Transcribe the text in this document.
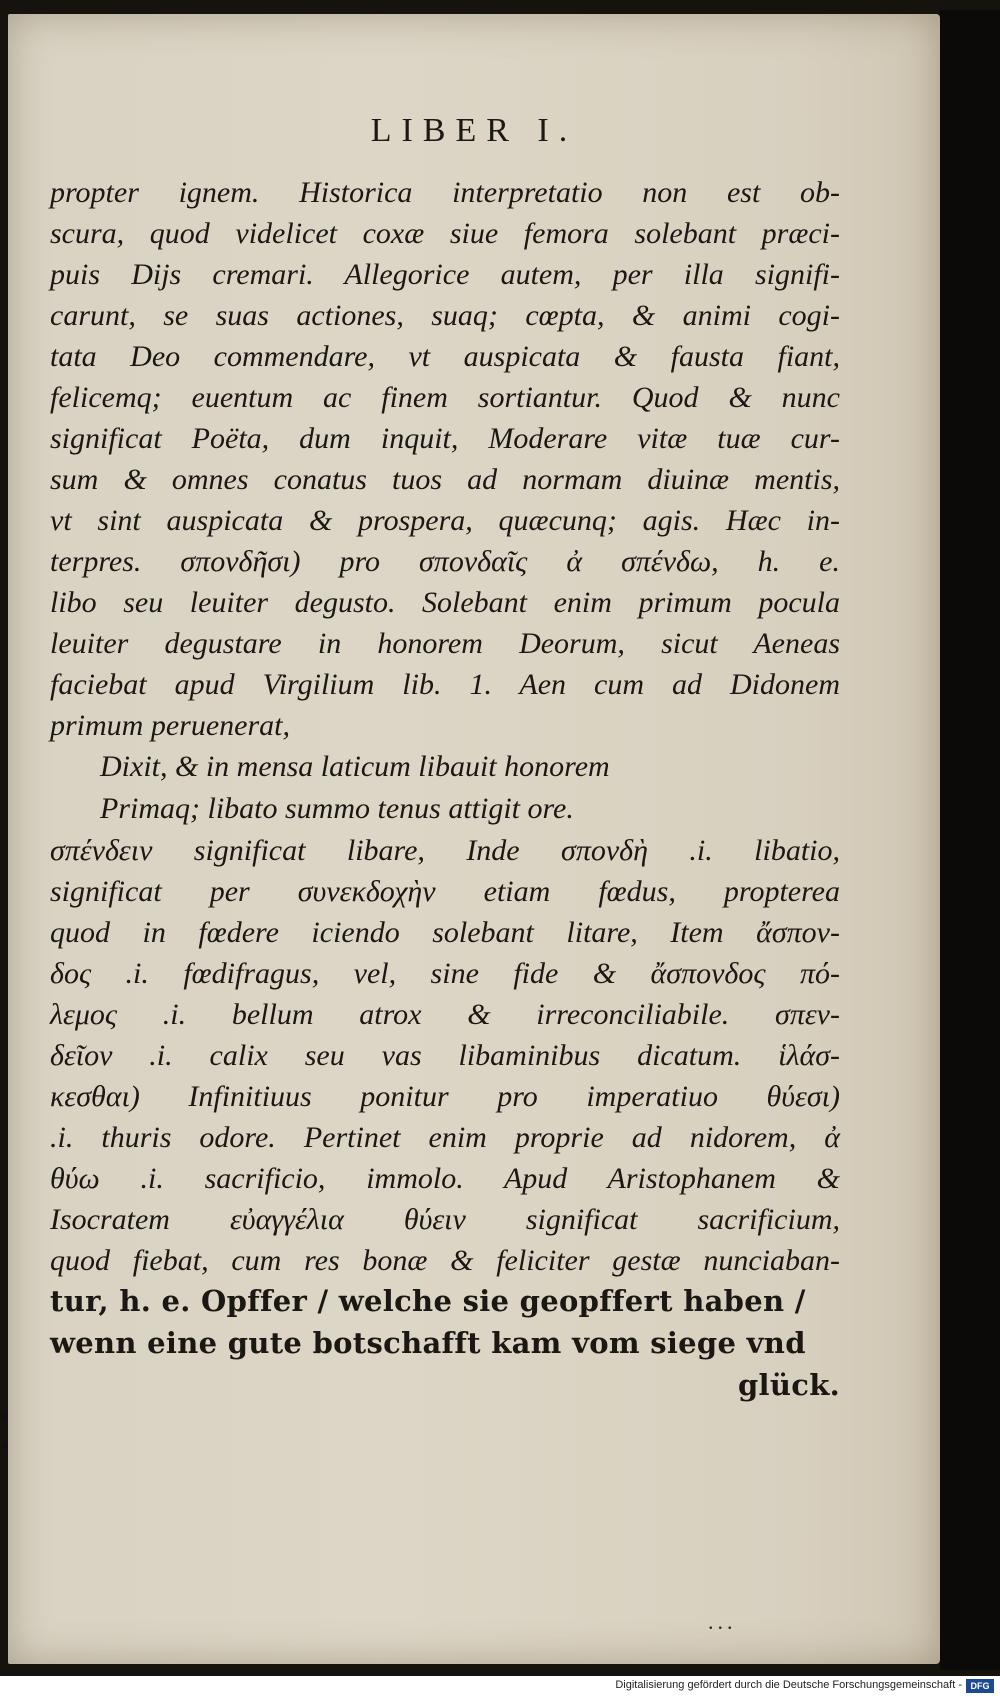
LIBER I.
propter ignem. Historica interpretatio non est ob-
scura, quod videlicet coxæ siue femora solebant præci-
puis Dijs cremari. Allegorice autem, per illa signifi-
carunt, se suas actiones, suaq; cœpta, & animi cogi-
tata Deo commendare, vt auspicata & fausta fiant,
felicemq; euentum ac finem sortiantur. Quod & nunc
significat Poëta, dum inquit, Moderare vitæ tuæ cur-
sum & omnes conatus tuos ad normam diuinæ mentis,
vt sint auspicata & prospera, quæcunq; agis. Hæc in-
terpres. σπονδῆσι) pro σπονδαῖς ἀ σπένδω, h. e.
libo seu leuiter degusto. Solebant enim primum pocula
leuiter degustare in honorem Deorum, sicut Aeneas
faciebat apud Virgilium lib. 1. Aen cum ad Didonem
primum peruenerat,
Dixit, & in mensa laticum libauit honorem
Primaq; libato summo tenus attigit ore.
σπένδειν significat libare, Inde σπονδὴ .i. libatio,
significat per συνεκδοχὴν etiam fœdus, propterea
quod in fœdere iciendo solebant litare, Item ἄσπον-
δος .i. fœdifragus, vel, sine fide & ἄσπονδος πό-
λεμος .i. bellum atrox & irreconciliabile. σπεν-
δεῖον .i. calix seu vas libaminibus dicatum. ἱλάσ-
κεσθαι) Infinitiuus ponitur pro imperatiuo θύεσι)
.i. thuris odore. Pertinet enim proprie ad nidorem, ἀ
θύω .i. sacrificio, immolo. Apud Aristophanem &
Isocratem εὐαγγέλια θύειν significat sacrificium,
quod fiebat, cum res bonæ & feliciter gestæ nunciaban-
tur, h. e. Opffer / welche sie geopffert haben /
wenn eine gute botschafft kam vom siege vnd
glück.
...
Digitalisierung gefördert durch die Deutsche Forschungsgemeinschaft - DFG
